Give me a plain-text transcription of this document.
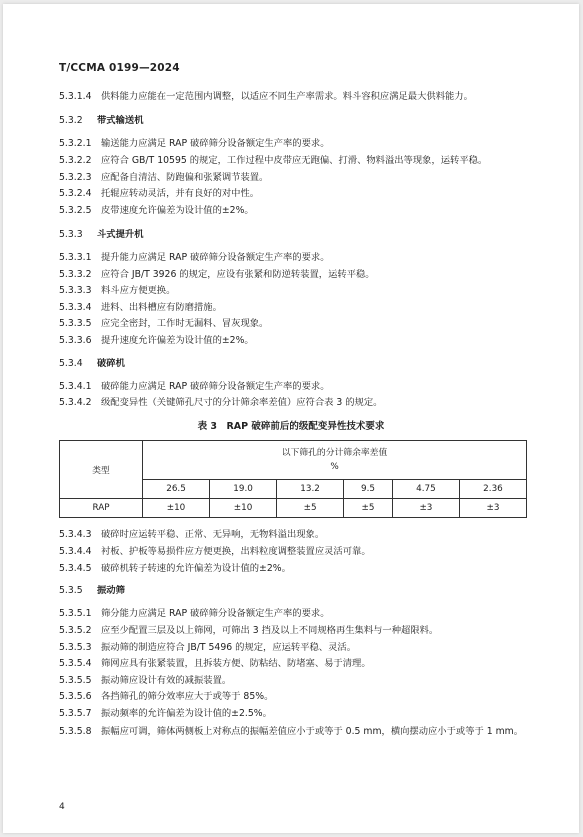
T/CCMA 0199—2024
5.3.1.4 供料能力应能在一定范围内调整，以适应不同生产率需求。料斗容积应满足最大供料能力。
5.3.2 带式输送机
5.3.2.1 输送能力应满足 RAP 破碎筛分设备额定生产率的要求。
5.3.2.2 应符合 GB/T 10595 的规定，工作过程中皮带应无跑偏、打滑、物料溢出等现象，运转平稳。
5.3.2.3 应配备自清洁、防跑偏和张紧调节装置。
5.3.2.4 托辊应转动灵活，并有良好的对中性。
5.3.2.5 皮带速度允许偏差为设计值的±2%。
5.3.3 斗式提升机
5.3.3.1 提升能力应满足 RAP 破碎筛分设备额定生产率的要求。
5.3.3.2 应符合 JB/T 3926 的规定，应设有张紧和防逆转装置，运转平稳。
5.3.3.3 料斗应方便更换。
5.3.3.4 进料、出料槽应有防磨措施。
5.3.3.5 应完全密封，工作时无漏料、冒灰现象。
5.3.3.6 提升速度允许偏差为设计值的±2%。
5.3.4 破碎机
5.3.4.1 破碎能力应满足 RAP 破碎筛分设备额定生产率的要求。
5.3.4.2 级配变异性（关键筛孔尺寸的分计筛余率差值）应符合表 3 的规定。
表 3　RAP 破碎前后的级配变异性技术要求
类型	以下筛孔的分计筛余率差值
%					

	26.5	19.0	13.2	9.5	4.75	2.36
RAP	±10	±10	±5	±5	±3	±3
5.3.4.3 破碎时应运转平稳、正常、无异响，无物料溢出现象。
5.3.4.4 衬板、护板等易损件应方便更换，出料粒度调整装置应灵活可靠。
5.3.4.5 破碎机转子转速的允许偏差为设计值的±2%。
5.3.5 振动筛
5.3.5.1 筛分能力应满足 RAP 破碎筛分设备额定生产率的要求。
5.3.5.2 应至少配置三层及以上筛网，可筛出 3 挡及以上不同规格再生集料与一种超限料。
5.3.5.3 振动筛的制造应符合 JB/T 5496 的规定，应运转平稳、灵活。
5.3.5.4 筛网应具有张紧装置，且拆装方便、防粘结、防堵塞、易于清理。
5.3.5.5 振动筛应设计有效的减振装置。
5.3.5.6 各挡筛孔的筛分效率应大于或等于 85%。
5.3.5.7 振动频率的允许偏差为设计值的±2.5%。
5.3.5.8 振幅应可调，筛体两侧板上对称点的振幅差值应小于或等于 0.5 mm，横向摆动应小于或等于 1 mm。
4
